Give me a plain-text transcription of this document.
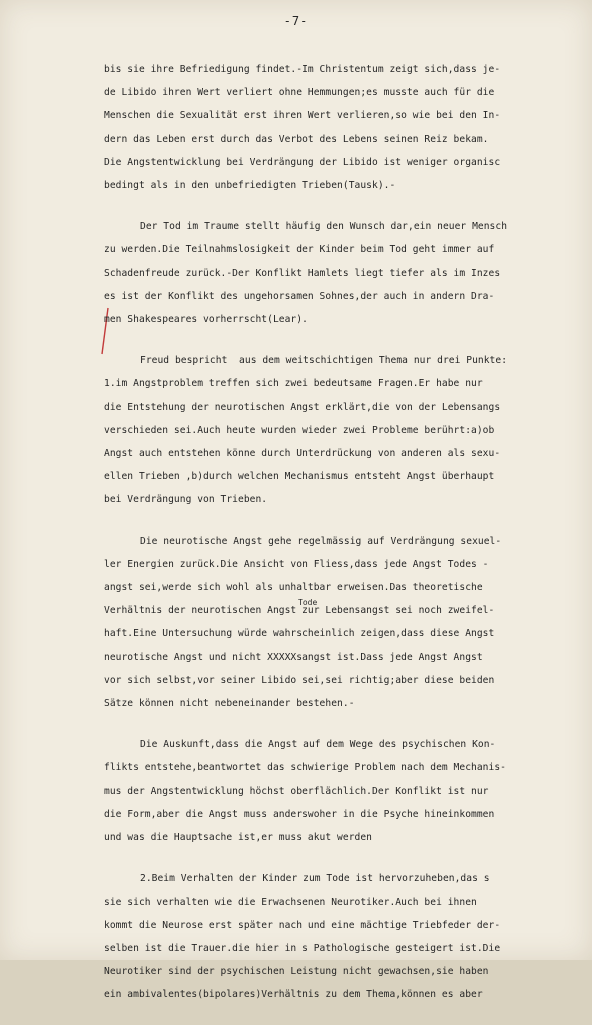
-7-
Tode
bis sie ihre Befriedigung findet.-Im Christentum zeigt sich,dass je-
de Libido ihren Wert verliert ohne Hemmungen;es musste auch für die
Menschen die Sexualität erst ihren Wert verlieren,so wie bei den In-
dern das Leben erst durch das Verbot des Lebens seinen Reiz bekam.
Die Angstentwicklung bei Verdrängung der Libido ist weniger organisc
bedingt als in den unbefriedigten Trieben(Tausk).-
Der Tod im Traume stellt häufig den Wunsch dar,ein neuer Mensch
zu werden.Die Teilnahmslosigkeit der Kinder beim Tod geht immer auf
Schadenfreude zurück.-Der Konflikt Hamlets liegt tiefer als im Inzes
es ist der Konflikt des ungehorsamen Sohnes,der auch in andern Dra-
men Shakespeares vorherrscht(Lear).
Freud bespricht  aus dem weitschichtigen Thema nur drei Punkte:
1.im Angstproblem treffen sich zwei bedeutsame Fragen.Er habe nur
die Entstehung der neurotischen Angst erklärt,die von der Lebensangs
verschieden sei.Auch heute wurden wieder zwei Probleme berührt:a)ob
Angst auch entstehen könne durch Unterdrückung von anderen als sexu-
ellen Trieben ,b)durch welchen Mechanismus entsteht Angst überhaupt
bei Verdrängung von Trieben.
Die neurotische Angst gehe regelmässig auf Verdrängung sexuel-
ler Energien zurück.Die Ansicht von Fliess,dass jede Angst Todes -
angst sei,werde sich wohl als unhaltbar erweisen.Das theoretische
Verhältnis der neurotischen Angst zur Lebensangst sei noch zweifel-
haft.Eine Untersuchung würde wahrscheinlich zeigen,dass diese Angst
neurotische Angst und nicht XXXXXsangst ist.Dass jede Angst Angst
vor sich selbst,vor seiner Libido sei,sei richtig;aber diese beiden
Sätze können nicht nebeneinander bestehen.-
Die Auskunft,dass die Angst auf dem Wege des psychischen Kon-
flikts entstehe,beantwortet das schwierige Problem nach dem Mechanis-
mus der Angstentwicklung höchst oberflächlich.Der Konflikt ist nur
die Form,aber die Angst muss anderswoher in die Psyche hineinkommen
und was die Hauptsache ist,er muss akut werden
2.Beim Verhalten der Kinder zum Tode ist hervorzuheben,das s
sie sich verhalten wie die Erwachsenen Neurotiker.Auch bei ihnen
kommt die Neurose erst später nach und eine mächtige Triebfeder der-
selben ist die Trauer.die hier in s Pathologische gesteigert ist.Die
Neurotiker sind der psychischen Leistung nicht gewachsen,sie haben
ein ambivalentes(bipolares)Verhältnis zu dem Thema,können es aber
